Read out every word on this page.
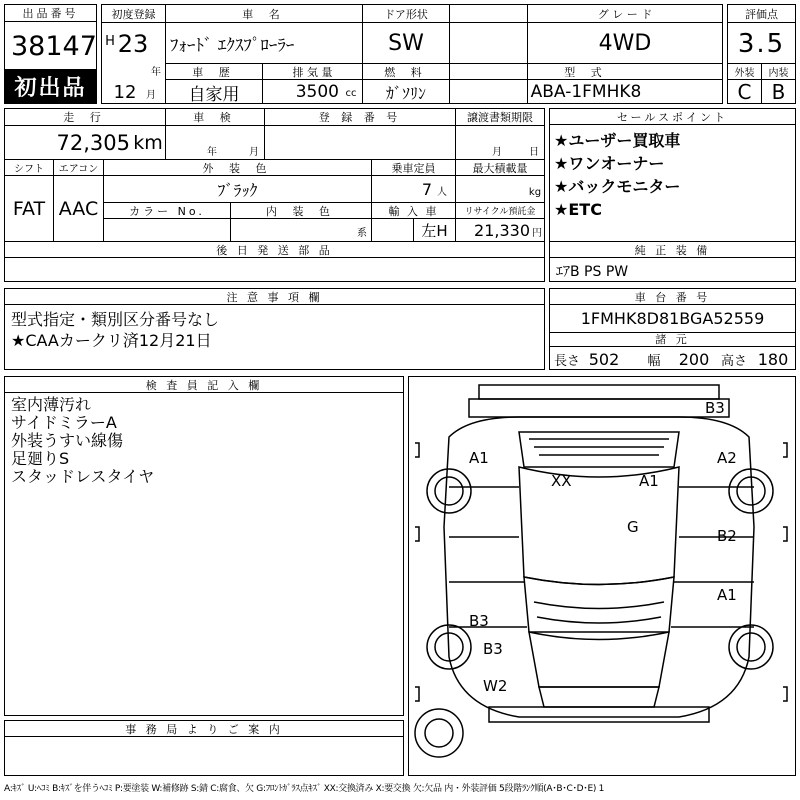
出品番号
38147
初出品
初度登録
H 23
年
12 月
車 名
ﾌｫｰﾄﾞ ｴｸｽﾌﾟﾛｰﾗｰ
ドア形状
SW
グ レ ー ド
4WD
車 歴
自家用
排 気 量
3500 cc
燃 料
ｶﾞｿﾘﾝ
型 式
ABA-1FMHK8
評価点
3.5
外装	内装
C	B
走 行
72,305 km
車 検
年	月
登 録 番 号	譲渡書類期限
月	日
シフト
FAT
エアコン
AAC
外 装 色
ﾌﾞﾗｯｸ
乗車定員
7 人
最大積載量
kg
カラー No.	内 装 色
系
輸 入 車
左H
リサイクル預託金
21,330 円
後 日 発 送 部 品
セールスポイント
★ユーザー買取車
★ワンオーナー
★バックモニター
★ETC
純 正 装 備
ｴｱB PS PW
注 意 事 項 欄
型式指定・類別区分番号なし
★CAAカークリ済12月21日
車 台 番 号
1FMHK8D81BGA52559
諸 元
長さ 502	幅 200 高さ 180
検 査 員 記 入 欄
室内薄汚れ
サイドミラーA
外装うすい線傷
足廻りS
スタッドレスタイヤ
事 務 局 よ り ご 案 内
B3
A1	A2
XX	A1
G	B2
A1
B3
B3
W2
A:ｷｽﾞ U:ﾍｺﾐ B:ｷｽﾞを伴うﾍｺﾐ P:要塗装 W:補修跡 S:錆 C:腐食、欠 G:ﾌﾛﾝﾄｶﾞﾗｽ点ｷｽﾞ XX:交換済み X:要交換 欠:欠品 内・外装評価 5段階ﾗﾝｸ順(A･B･C･D･E) 1
